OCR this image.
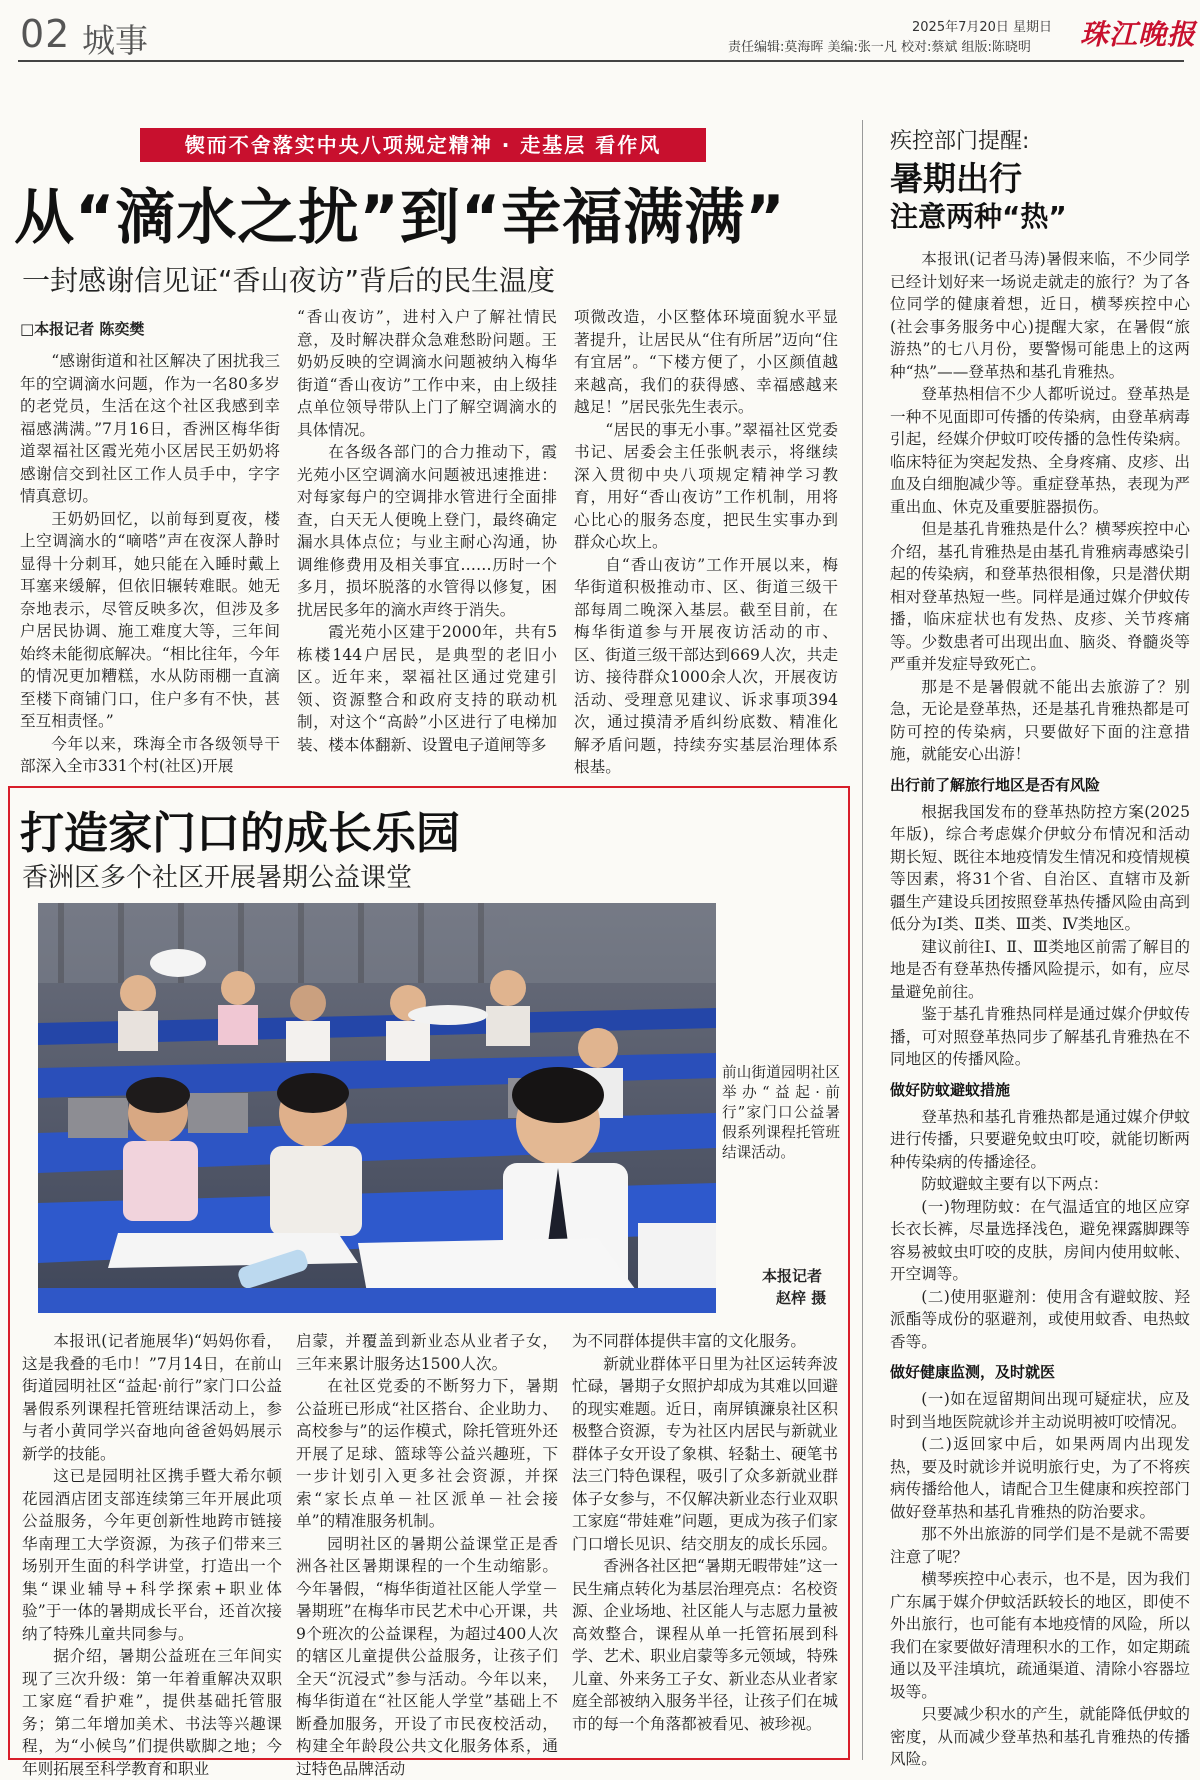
02 城事	2025年7月20日 星期日
责任编辑:莫海晖 美编:张一凡 校对:蔡斌 组版:陈晓明 珠江晚报
锲而不舍落实中央八项规定精神 · 走基层 看作风
从“滴水之扰”到“幸福满满”
一封感谢信见证“香山夜访”背后的民生温度
□本报记者 陈奕樊

“感谢街道和社区解决了困扰我三年的空调滴水问题，作为一名80多岁的老党员，生活在这个社区我感到幸福感满满。”7月16日，香洲区梅华街道翠福社区霞光苑小区居民王奶奶将感谢信交到社区工作人员手中，字字情真意切。

王奶奶回忆，以前每到夏夜，楼上空调滴水的“嘀嗒”声在夜深人静时显得十分刺耳，她只能在入睡时戴上耳塞来缓解，但依旧辗转难眠。她无奈地表示，尽管反映多次，但涉及多户居民协调、施工难度大等，三年间始终未能彻底解决。“相比往年，今年的情况更加糟糕，水从防雨棚一直滴至楼下商铺门口，住户多有不快，甚至互相责怪。”

今年以来，珠海全市各级领导干部深入全市331个村(社区)开展

“香山夜访”，进村入户了解社情民意，及时解决群众急难愁盼问题。王奶奶反映的空调滴水问题被纳入梅华街道“香山夜访”工作中来，由上级挂点单位领导带队上门了解空调滴水的具体情况。

在各级各部门的合力推动下，霞光苑小区空调滴水问题被迅速推进：对每家每户的空调排水管进行全面排查，白天无人便晚上登门，最终确定漏水具体点位；与业主耐心沟通，协调维修费用及相关事宜……历时一个多月，损坏脱落的水管得以修复，困扰居民多年的滴水声终于消失。

霞光苑小区建于2000年，共有5栋楼144户居民，是典型的老旧小区。近年来，翠福社区通过党建引领、资源整合和政府支持的联动机制，对这个“高龄”小区进行了电梯加装、楼本体翻新、设置电子道闸等多

项微改造，小区整体环境面貌水平显著提升，让居民从“住有所居”迈向“住有宜居”。“下楼方便了，小区颜值越来越高，我们的获得感、幸福感越来越足！”居民张先生表示。

“居民的事无小事。”翠福社区党委书记、居委会主任张帆表示，将继续深入贯彻中央八项规定精神学习教育，用好“香山夜访”工作机制，用将心比心的服务态度，把民生实事办到群众心坎上。

自“香山夜访”工作开展以来，梅华街道积极推动市、区、街道三级干部每周二晚深入基层。截至目前，在梅华街道参与开展夜访活动的市、区、街道三级干部达到669人次，共走访、接待群众1000余人次，开展夜访活动、受理意见建议、诉求事项394次，通过摸清矛盾纠纷底数、精准化解矛盾问题，持续夯实基层治理体系根基。

打造家门口的成长乐园
香洲区多个社区开展暑期公益课堂
前山街道园明社区举办“益起·前行”家门口公益暑假系列课程托管班结课活动。
本报记者
赵梓 摄

本报讯(记者施展华)“妈妈你看，这是我叠的毛巾！”7月14日，在前山街道园明社区“益起·前行”家门口公益暑假系列课程托管班结课活动上，参与者小黄同学兴奋地向爸爸妈妈展示新学的技能。

这已是园明社区携手暨大希尔顿花园酒店团支部连续第三年开展此项公益服务，今年更创新性地跨市链接华南理工大学资源，为孩子们带来三场别开生面的科学讲堂，打造出一个集“课业辅导+科学探索+职业体验”于一体的暑期成长平台，还首次接纳了特殊儿童共同参与。

据介绍，暑期公益班在三年间实现了三次升级：第一年着重解决双职工家庭“看护难”，提供基础托管服务；第二年增加美术、书法等兴趣课程，为“小候鸟”们提供歇脚之地；今年则拓展至科学教育和职业

启蒙，并覆盖到新业态从业者子女，三年来累计服务达1500人次。

在社区党委的不断努力下，暑期公益班已形成“社区搭台、企业助力、高校参与”的运作模式，除托管班外还开展了足球、篮球等公益兴趣班，下一步计划引入更多社会资源，并探索“家长点单－社区派单－社会接单”的精准服务机制。

园明社区的暑期公益课堂正是香洲各社区暑期课程的一个生动缩影。今年暑假，“梅华街道社区能人学堂－暑期班”在梅华市民艺术中心开课，共9个班次的公益课程，为超过400人次的辖区儿童提供公益服务，让孩子们全天“沉浸式”参与活动。今年以来，梅华街道在“社区能人学堂”基础上不断叠加服务，开设了市民夜校活动，构建全年龄段公共文化服务体系，通过特色品牌活动

为不同群体提供丰富的文化服务。

新就业群体平日里为社区运转奔波忙碌，暑期子女照护却成为其难以回避的现实难题。近日，南屏镇濂泉社区积极整合资源，专为社区内居民与新就业群体子女开设了象棋、轻黏土、硬笔书法三门特色课程，吸引了众多新就业群体子女参与，不仅解决新业态行业双职工家庭“带娃难”问题，更成为孩子们家门口增长见识、结交朋友的成长乐园。

香洲各社区把“暑期无暇带娃”这一民生痛点转化为基层治理亮点：名校资源、企业场地、社区能人与志愿力量被高效整合，课程从单一托管拓展到科学、艺术、职业启蒙等多元领域，特殊儿童、外来务工子女、新业态从业者家庭全部被纳入服务半径，让孩子们在城市的每一个角落都被看见、被珍视。

疾控部门提醒:
暑期出行
注意两种“热”

本报讯(记者马涛)暑假来临，不少同学已经计划好来一场说走就走的旅行？为了各位同学的健康着想，近日，横琴疾控中心(社会事务服务中心)提醒大家，在暑假“旅游热”的七八月份，要警惕可能患上的这两种“热”——登革热和基孔肯雅热。

登革热相信不少人都听说过。登革热是一种不见面即可传播的传染病，由登革病毒引起，经媒介伊蚊叮咬传播的急性传染病。临床特征为突起发热、全身疼痛、皮疹、出血及白细胞减少等。重症登革热，表现为严重出血、休克及重要脏器损伤。

但是基孔肯雅热是什么？横琴疾控中心介绍，基孔肯雅热是由基孔肯雅病毒感染引起的传染病，和登革热很相像，只是潜伏期相对登革热短一些。同样是通过媒介伊蚊传播，临床症状也有发热、皮疹、关节疼痛等。少数患者可出现出血、脑炎、脊髓炎等严重并发症导致死亡。

那是不是暑假就不能出去旅游了？别急，无论是登革热，还是基孔肯雅热都是可防可控的传染病，只要做好下面的注意措施，就能安心出游！

出行前了解旅行地区是否有风险

根据我国发布的登革热防控方案(2025年版)，综合考虑媒介伊蚊分布情况和活动期长短、既往本地疫情发生情况和疫情规模等因素，将31个省、自治区、直辖市及新疆生产建设兵团按照登革热传播风险由高到低分为Ⅰ类、Ⅱ类、Ⅲ类、Ⅳ类地区。

建议前往Ⅰ、Ⅱ、Ⅲ类地区前需了解目的地是否有登革热传播风险提示，如有，应尽量避免前往。

鉴于基孔肯雅热同样是通过媒介伊蚊传播，可对照登革热同步了解基孔肯雅热在不同地区的传播风险。

做好防蚊避蚊措施

登革热和基孔肯雅热都是通过媒介伊蚊进行传播，只要避免蚊虫叮咬，就能切断两种传染病的传播途径。

防蚊避蚊主要有以下两点：

(一)物理防蚊：在气温适宜的地区应穿长衣长裤，尽量选择浅色，避免裸露脚踝等容易被蚊虫叮咬的皮肤，房间内使用蚊帐、开空调等。

(二)使用驱避剂：使用含有避蚊胺、羟派酯等成份的驱避剂，或使用蚊香、电热蚊香等。

做好健康监测，及时就医

(一)如在逗留期间出现可疑症状，应及时到当地医院就诊并主动说明被叮咬情况。

(二)返回家中后，如果两周内出现发热，要及时就诊并说明旅行史，为了不将疾病传播给他人，请配合卫生健康和疾控部门做好登革热和基孔肯雅热的防治要求。

那不外出旅游的同学们是不是就不需要注意了呢？

横琴疾控中心表示，也不是，因为我们广东属于媒介伊蚊活跃较长的地区，即使不外出旅行，也可能有本地疫情的风险，所以我们在家要做好清理积水的工作，如定期疏通以及平洼填坑，疏通渠道、清除小容器垃圾等。

只要减少积水的产生，就能降低伊蚊的密度，从而减少登革热和基孔肯雅热的传播风险。
